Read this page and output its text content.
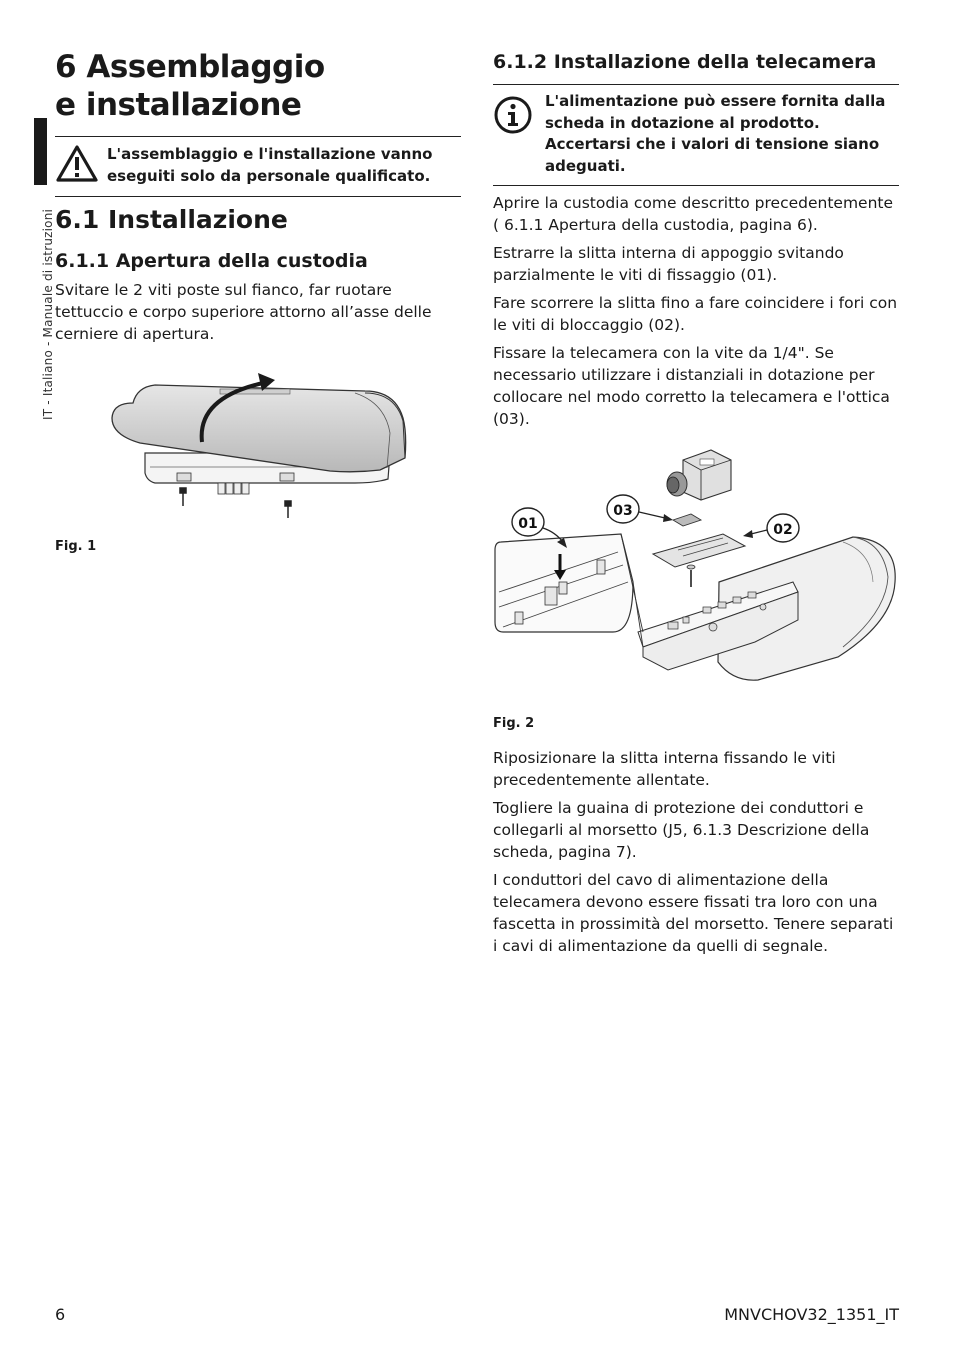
IT - Italiano - Manuale di istruzioni
6 Assemblaggio e installazione
L'assemblaggio e l'installazione vanno eseguiti solo da personale qualificato.
6.1 Installazione
6.1.1 Apertura della custodia

Svitare le 2 viti poste sul fianco, far ruotare tettuccio e corpo superiore attorno all’asse delle cerniere di apertura.

Fig. 1
6.1.2 Installazione della telecamera
L'alimentazione può essere fornita dalla scheda in dotazione al prodotto. Accertarsi che i valori di tensione siano adeguati.

Aprire la custodia come descritto precedentemente ( 6.1.1 Apertura della custodia, pagina 6).

Estrarre la slitta interna di appoggio svitando parzialmente le viti di fissaggio (01).

Fare scorrere la slitta fino a fare coincidere i fori con le viti di bloccaggio (02).

Fissare la telecamera con la vite da 1/4". Se necessario utilizzare i distanziali in dotazione per collocare nel modo corretto la telecamera e l'ottica (03).

01
03
02
Fig. 2

Riposizionare la slitta interna fissando le viti precedentemente allentate.

Togliere la guaina di protezione dei conduttori e collegarli al morsetto (J5, 6.1.3 Descrizione della scheda, pagina 7).

I conduttori del cavo di alimentazione della telecamera devono essere fissati tra loro con una fascetta in prossimità del morsetto. Tenere separati i cavi di alimentazione da quelli di segnale.

6	MNVCHOV32_1351_IT
